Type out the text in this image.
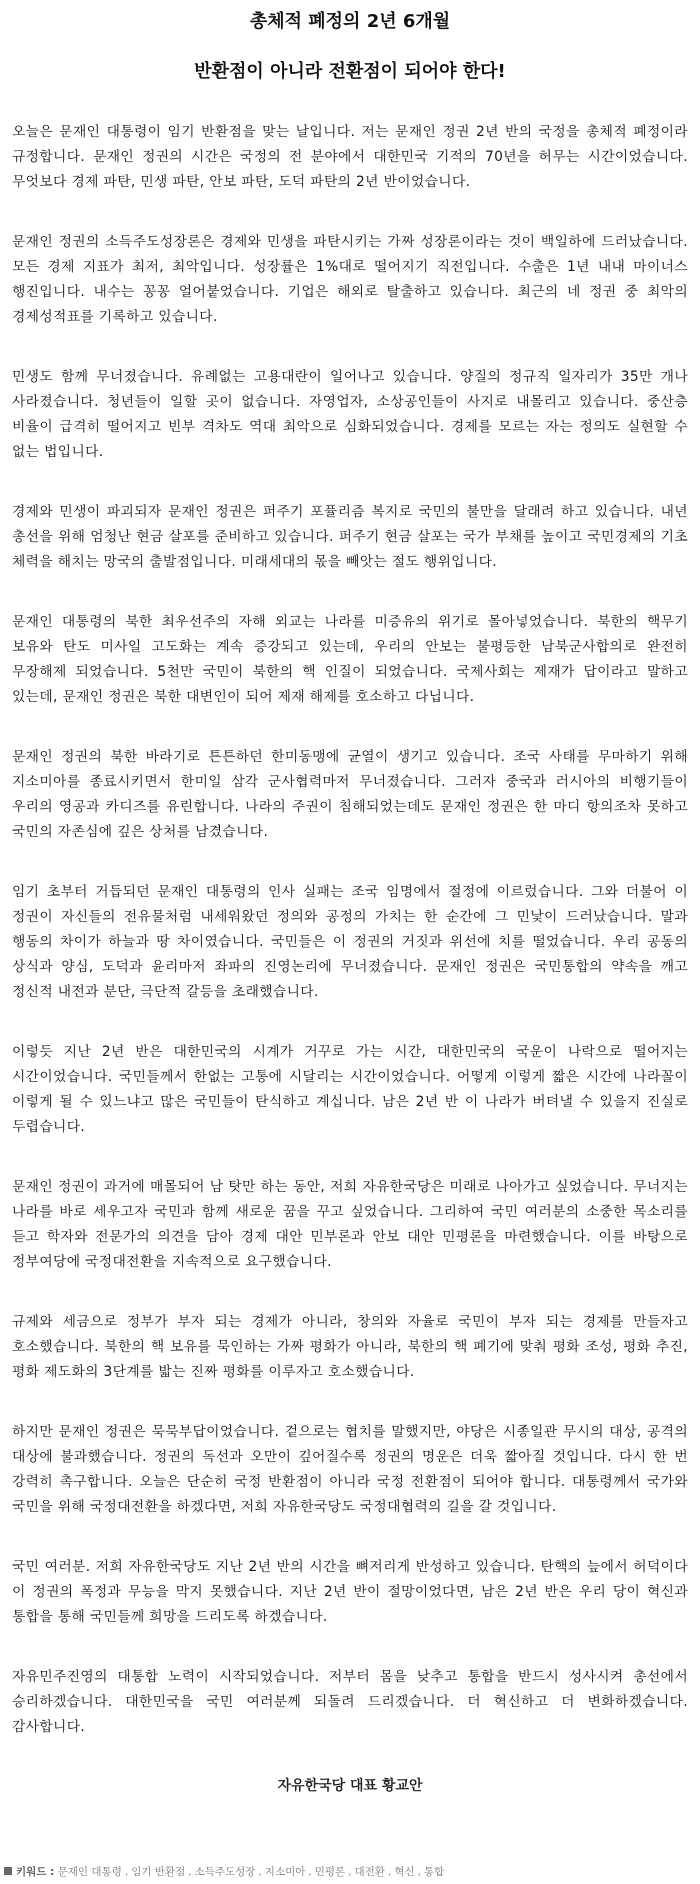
총체적 폐정의 2년 6개월
반환점이 아니라 전환점이 되어야 한다!

오늘은 문재인 대통령이 임기 반환점을 맞는 날입니다. 저는 문재인 정권 2년 반의 국정을 총체적 폐정이라 규정합니다. 문재인 정권의 시간은 국정의 전 분야에서 대한민국 기적의 70년을 허무는 시간이었습니다. 무엇보다 경제 파탄, 민생 파탄, 안보 파탄, 도덕 파탄의 2년 반이었습니다.

문재인 정권의 소득주도성장론은 경제와 민생을 파탄시키는 가짜 성장론이라는 것이 백일하에 드러났습니다. 모든 경제 지표가 최저, 최악입니다. 성장률은 1%대로 떨어지기 직전입니다. 수출은 1년 내내 마이너스 행진입니다. 내수는 꽁꽁 얼어붙었습니다. 기업은 해외로 탈출하고 있습니다. 최근의 네 정권 중 최악의 경제성적표를 기록하고 있습니다.

민생도 함께 무너졌습니다. 유례없는 고용대란이 일어나고 있습니다. 양질의 정규직 일자리가 35만 개나 사라졌습니다. 청년들이 일할 곳이 없습니다. 자영업자, 소상공인들이 사지로 내몰리고 있습니다. 중산층 비율이 급격히 떨어지고 빈부 격차도 역대 최악으로 심화되었습니다. 경제를 모르는 자는 정의도 실현할 수 없는 법입니다.

경제와 민생이 파괴되자 문재인 정권은 퍼주기 포퓰리즘 복지로 국민의 불만을 달래려 하고 있습니다. 내년 총선을 위해 엄청난 현금 살포를 준비하고 있습니다. 퍼주기 현금 살포는 국가 부채를 높이고 국민경제의 기초 체력을 해치는 망국의 출발점입니다. 미래세대의 몫을 빼앗는 절도 행위입니다.

문재인 대통령의 북한 최우선주의 자해 외교는 나라를 미증유의 위기로 몰아넣었습니다. 북한의 핵무기 보유와 탄도 미사일 고도화는 계속 증강되고 있는데, 우리의 안보는 불평등한 남북군사합의로 완전히 무장해제 되었습니다. 5천만 국민이 북한의 핵 인질이 되었습니다. 국제사회는 제재가 답이라고 말하고 있는데, 문재인 정권은 북한 대변인이 되어 제재 해제를 호소하고 다닙니다.

문재인 정권의 북한 바라기로 튼튼하던 한미동맹에 균열이 생기고 있습니다. 조국 사태를 무마하기 위해 지소미아를 종료시키면서 한미일 삼각 군사협력마저 무너졌습니다. 그러자 중국과 러시아의 비행기들이 우리의 영공과 카디즈를 유린합니다. 나라의 주권이 침해되었는데도 문재인 정권은 한 마디 항의조차 못하고 국민의 자존심에 깊은 상처를 남겼습니다.

임기 초부터 거듭되던 문재인 대통령의 인사 실패는 조국 임명에서 절정에 이르렀습니다. 그와 더불어 이 정권이 자신들의 전유물처럼 내세워왔던 정의와 공정의 가치는 한 순간에 그 민낯이 드러났습니다. 말과 행동의 차이가 하늘과 땅 차이였습니다. 국민들은 이 정권의 거짓과 위선에 치를 떨었습니다. 우리 공동의 상식과 양심, 도덕과 윤리마저 좌파의 진영논리에 무너졌습니다. 문재인 정권은 국민통합의 약속을 깨고 정신적 내전과 분단, 극단적 갈등을 초래했습니다.

이렇듯 지난 2년 반은 대한민국의 시계가 거꾸로 가는 시간, 대한민국의 국운이 나락으로 떨어지는 시간이었습니다. 국민들께서 한없는 고통에 시달리는 시간이었습니다. 어떻게 이렇게 짧은 시간에 나라꼴이 이렇게 될 수 있느냐고 많은 국민들이 탄식하고 계십니다. 남은 2년 반 이 나라가 버텨낼 수 있을지 진실로 두렵습니다.

문재인 정권이 과거에 매몰되어 남 탓만 하는 동안, 저희 자유한국당은 미래로 나아가고 싶었습니다. 무너지는 나라를 바로 세우고자 국민과 함께 새로운 꿈을 꾸고 싶었습니다. 그리하여 국민 여러분의 소중한 목소리를 듣고 학자와 전문가의 의견을 담아 경제 대안 민부론과 안보 대안 민평론을 마련했습니다. 이를 바탕으로 정부여당에 국정대전환을 지속적으로 요구했습니다.

규제와 세금으로 정부가 부자 되는 경제가 아니라, 창의와 자율로 국민이 부자 되는 경제를 만들자고 호소했습니다. 북한의 핵 보유를 묵인하는 가짜 평화가 아니라, 북한의 핵 폐기에 맞춰 평화 조성, 평화 추진, 평화 제도화의 3단계를 밟는 진짜 평화를 이루자고 호소했습니다.

하지만 문재인 정권은 묵묵부답이었습니다. 겉으로는 협치를 말했지만, 야당은 시종일관 무시의 대상, 공격의 대상에 불과했습니다. 정권의 독선과 오만이 깊어질수록 정권의 명운은 더욱 짧아질 것입니다. 다시 한 번 강력히 촉구합니다. 오늘은 단순히 국정 반환점이 아니라 국정 전환점이 되어야 합니다. 대통령께서 국가와 국민을 위해 국정대전환을 하겠다면, 저희 자유한국당도 국정대협력의 길을 갈 것입니다.

국민 여러분. 저희 자유한국당도 지난 2년 반의 시간을 뼈저리게 반성하고 있습니다. 탄핵의 늪에서 허덕이다 이 정권의 폭정과 무능을 막지 못했습니다. 지난 2년 반이 절망이었다면, 남은 2년 반은 우리 당이 혁신과 통합을 통해 국민들께 희망을 드리도록 하겠습니다.

자유민주진영의 대통합 노력이 시작되었습니다. 저부터 몸을 낮추고 통합을 반드시 성사시켜 총선에서 승리하겠습니다. 대한민국을 국민 여러분께 되돌려 드리겠습니다. 더 혁신하고 더 변화하겠습니다. 감사합니다.

자유한국당 대표 황교안
키워드 : 문재인 대통령 , 임기 반환점 , 소득주도성장 , 지소미아 , 민평론 , 대전환 , 혁신 , 통합
